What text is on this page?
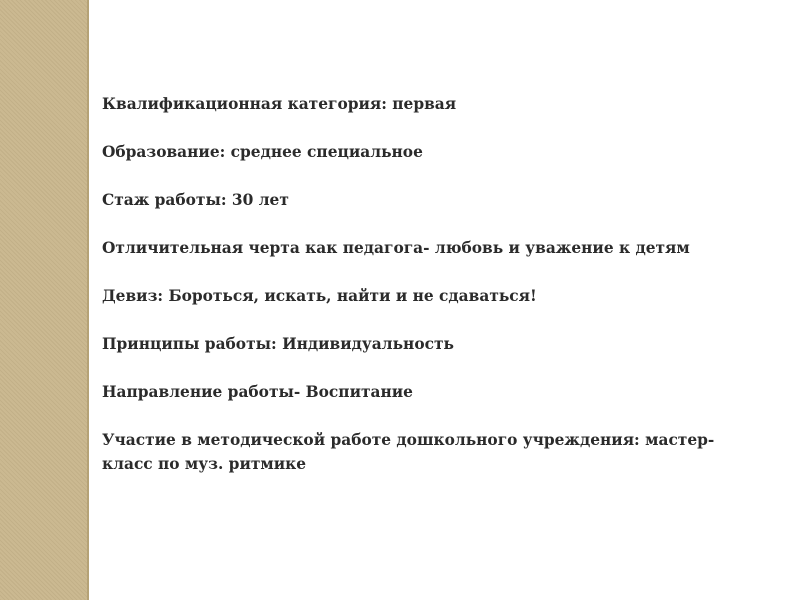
Квалификационная категория: первая
Образование: среднее специальное
Стаж работы: 30 лет
Отличительная черта как педагога- любовь и уважение к детям
Девиз: Бороться, искать, найти и не сдаваться!
Принципы работы: Индивидуальность
Направление работы- Воспитание
Участие в методической работе дошкольного учреждения: мастер-класс по муз. ритмике
